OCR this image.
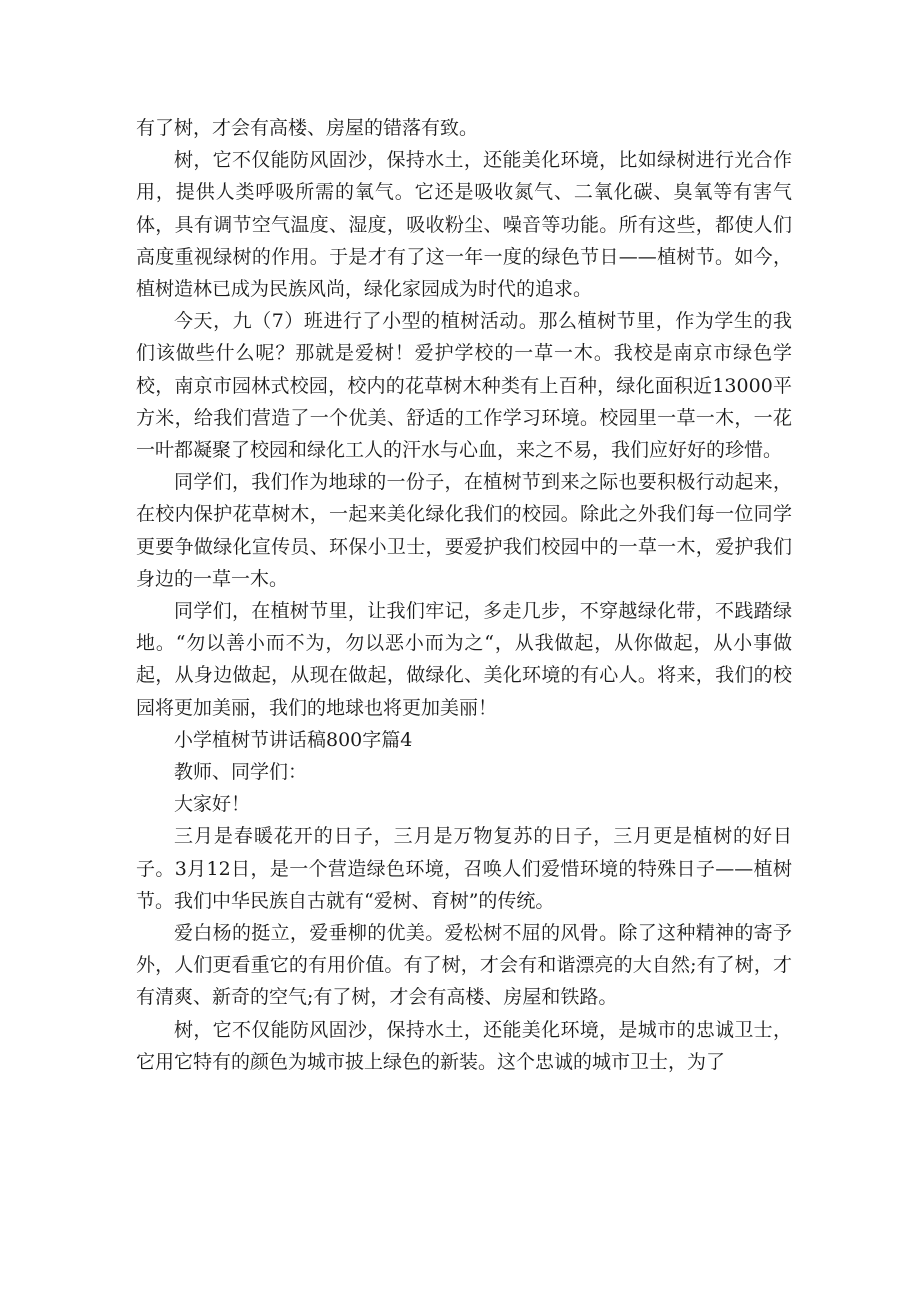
有了树，才会有高楼、房屋的错落有致。

树，它不仅能防风固沙，保持水土，还能美化环境，比如绿树进行光合作用，提供人类呼吸所需的氧气。它还是吸收氮气、二氧化碳、臭氧等有害气体，具有调节空气温度、湿度，吸收粉尘、噪音等功能。所有这些，都使人们高度重视绿树的作用。于是才有了这一年一度的绿色节日——植树节。如今，植树造林已成为民族风尚，绿化家园成为时代的追求。

今天，九（7）班进行了小型的植树活动。那么植树节里，作为学生的我们该做些什么呢？那就是爱树！爱护学校的一草一木。我校是南京市绿色学校，南京市园林式校园，校内的花草树木种类有上百种，绿化面积近13000平方米，给我们营造了一个优美、舒适的工作学习环境。校园里一草一木，一花一叶都凝聚了校园和绿化工人的汗水与心血，来之不易，我们应好好的珍惜。

同学们，我们作为地球的一份子，在植树节到来之际也要积极行动起来，在校内保护花草树木，一起来美化绿化我们的校园。除此之外我们每一位同学更要争做绿化宣传员、环保小卫士，要爱护我们校园中的一草一木，爱护我们身边的一草一木。

同学们，在植树节里，让我们牢记，多走几步，不穿越绿化带，不践踏绿地。“勿以善小而不为，勿以恶小而为之“，从我做起，从你做起，从小事做起，从身边做起，从现在做起，做绿化、美化环境的有心人。将来，我们的校园将更加美丽，我们的地球也将更加美丽！

小学植树节讲话稿800字篇4

教师、同学们：

大家好！

三月是春暖花开的日子，三月是万物复苏的日子，三月更是植树的好日子。3月12日，是一个营造绿色环境，召唤人们爱惜环境的特殊日子——植树节。我们中华民族自古就有“爱树、育树”的传统。

爱白杨的挺立，爱垂柳的优美。爱松树不屈的风骨。除了这种精神的寄予外，人们更看重它的有用价值。有了树，才会有和谐漂亮的大自然;有了树，才有清爽、新奇的空气;有了树，才会有高楼、房屋和铁路。

树，它不仅能防风固沙，保持水土，还能美化环境，是城市的忠诚卫士，它用它特有的颜色为城市披上绿色的新装。这个忠诚的城市卫士，为了
